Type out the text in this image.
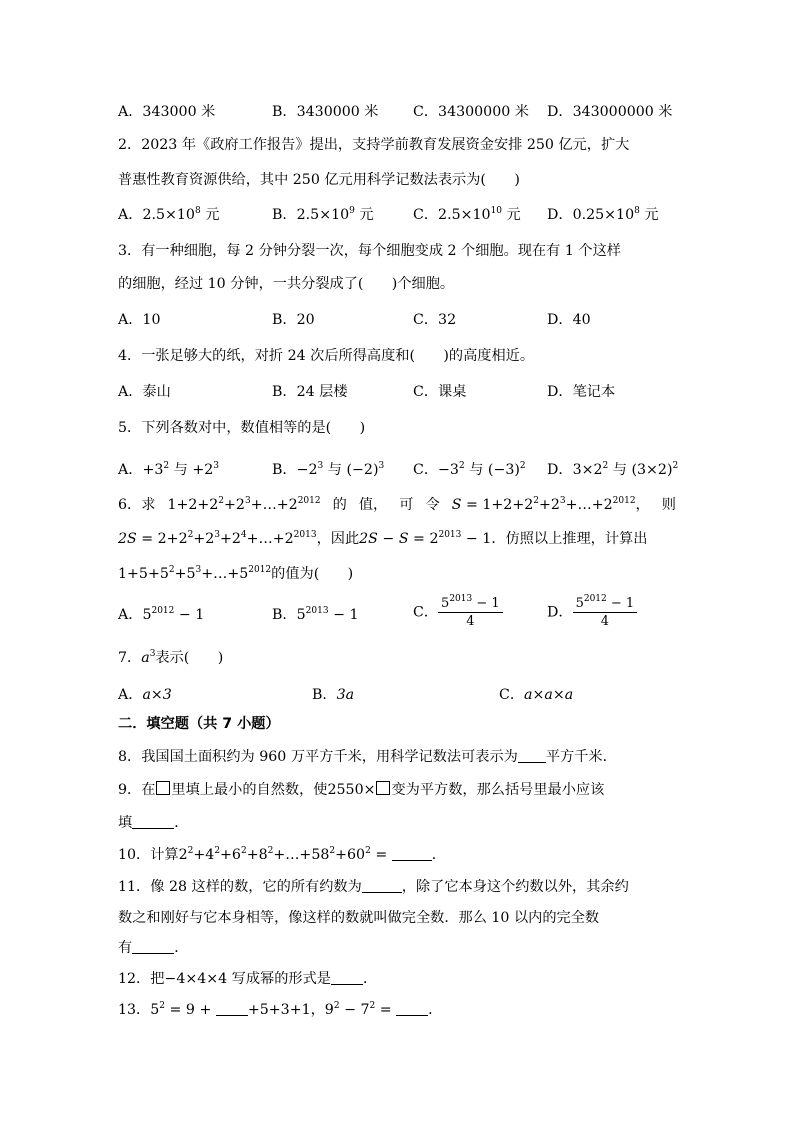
A．343000 米	B．3430000 米 C．34300000 米 D．343000000 米
2．2023 年《政府工作报告》提出，支持学前教育发展资金安排 250 亿元，扩大
普惠性教育资源供给，其中 250 亿元用科学记数法表示为(　　)
A．$2.5\times 10^8$ 元	B．$2.5\times 10^9$ 元	C．$2.5\times 10^{10}$ 元 D．$0.25\times 10^8$ 元
3．有一种细胞，每 2 分钟分裂一次，每个细胞变成 2 个细胞。现在有 1 个这样
的细胞，经过 10 分钟，一共分裂成了(　　)个细胞。
A．10	B．20	C．32	D．40
4．一张足够大的纸，对折 24 次后所得高度和(　　)的高度相近。
A．泰山	B．24 层楼	C．课桌	D．笔记本
5．下列各数对中，数值相等的是(　　)
A．$+3^2$ 与 $+2^3$	B．$-2^3$ 与 $(-2)^3$ C．$-3^2$ 与 $(-3)^2$ D．$3\times 2^2$ 与 $(3\times 2)^2$
6．求 $1+2+2^2+2^3+\dots+2^{2012}$ 的 值， 可 令 $S = 1+2+2^2+2^3+\dots+2^{2012}$， 则
$2S = 2+2^2+2^3+2^4+\dots+2^{2013}$，因此$2S - S = 2^{2013} - 1$．仿照以上推理，计算出
$1+5+5^2+5^3+\dots+5^{2012}$的值为(　　)
A．$5^{2012} - 1$	B．$5^{2013} - 1$	C． $\frac{5^{2013} - 1}{4}$	D． $\frac{5^{2012} - 1}{4}$
7．$a^3$表示(　　)
A．a×3	B．3a	C．a×a×a
二．填空题（共 7 小题）
8．我国国土面积约为 960 万平方千米，用科学记数法可表示为 平方千米．
9．在 里填上最小的自然数，使2550× 变为平方数，那么括号里最小应该
填	．
10．计算$2^2+4^2+6^2+8^2+\dots+58^2+60^2$ =	．
11．像 28 这样的数，它的所有约数为	，除了它本身这个约数以外，其余约
数之和刚好与它本身相等，像这样的数就叫做完全数．那么 10 以内的完全数
有	．
12．把−4×4×4 写成幂的形式是 ．
13．$5^2 = 9 + +5+3+1$，$9^2 - 7^2$ = ．
